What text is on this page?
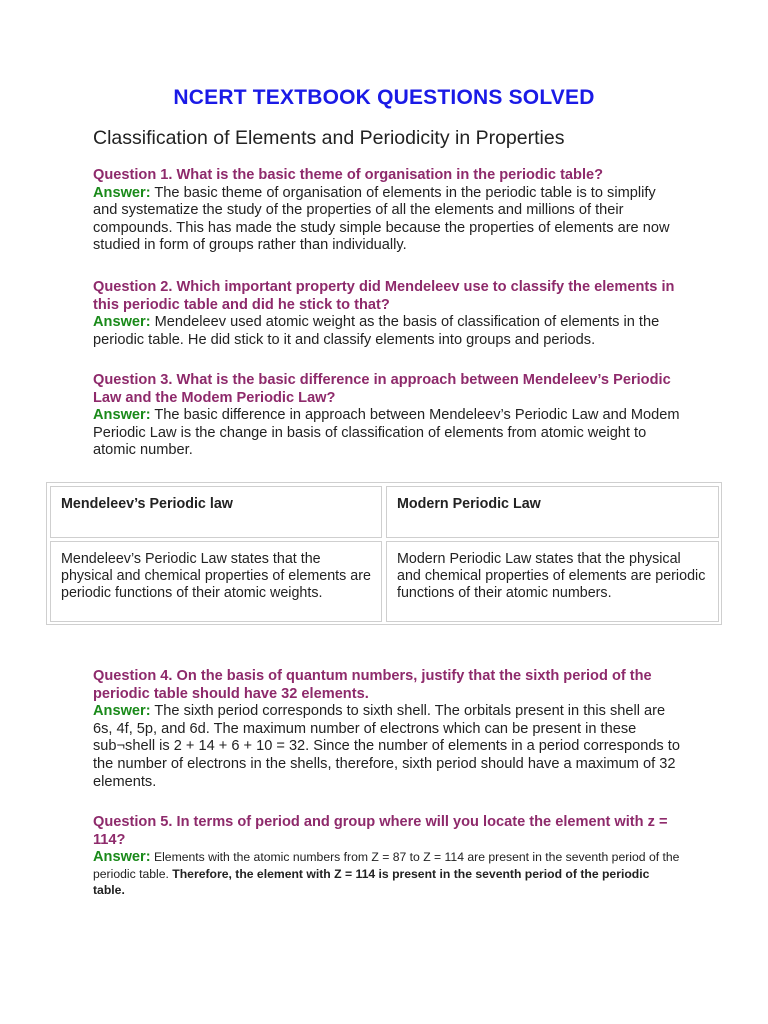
NCERT TEXTBOOK QUESTIONS SOLVED
Classification of Elements and Periodicity in Properties
Question 1. What is the basic theme of organisation in the periodic table?
Answer: The basic theme of organisation of elements in the periodic table is to simplify and systematize the study of the properties of all the elements and millions of their compounds. This has made the study simple because the properties of elements are now studied in form of groups rather than individually.
Question 2. Which important property did Mendeleev use to classify the elements in this periodic table and did he stick to that?
Answer: Mendeleev used atomic weight as the basis of classification of elements in the periodic table. He did stick to it and classify elements into groups and periods.
Question 3. What is the basic difference in approach between Mendeleev’s Periodic Law and the Modem Periodic Law?
Answer: The basic difference in approach between Mendeleev’s Periodic Law and Modem Periodic Law is the change in basis of classification of elements from atomic weight to atomic number.
Mendeleev’s Periodic law	Modern Periodic Law
Mendeleev’s Periodic Law states that the physical and chemical properties of elements are periodic functions of their atomic weights.
Modern Periodic Law states that the physical and chemical properties of elements are periodic functions of their atomic numbers.
Question 4. On the basis of quantum numbers, justify that the sixth period of the periodic table should have 32 elements.
Answer: The sixth period corresponds to sixth shell. The orbitals present in this shell are 6s, 4f, 5p, and 6d. The maximum number of electrons which can be present in these sub¬shell is 2 + 14 + 6 + 10 = 32. Since the number of elements in a period corresponds to the number of electrons in the shells, therefore, sixth period should have a maximum of 32 elements.
Question 5. In terms of period and group where will you locate the element with z = 114?
Answer: Elements with the atomic numbers from Z = 87 to Z = 114 are present in the seventh period of the periodic table. Therefore, the element with Z = 114 is present in the seventh period of the periodic table.
